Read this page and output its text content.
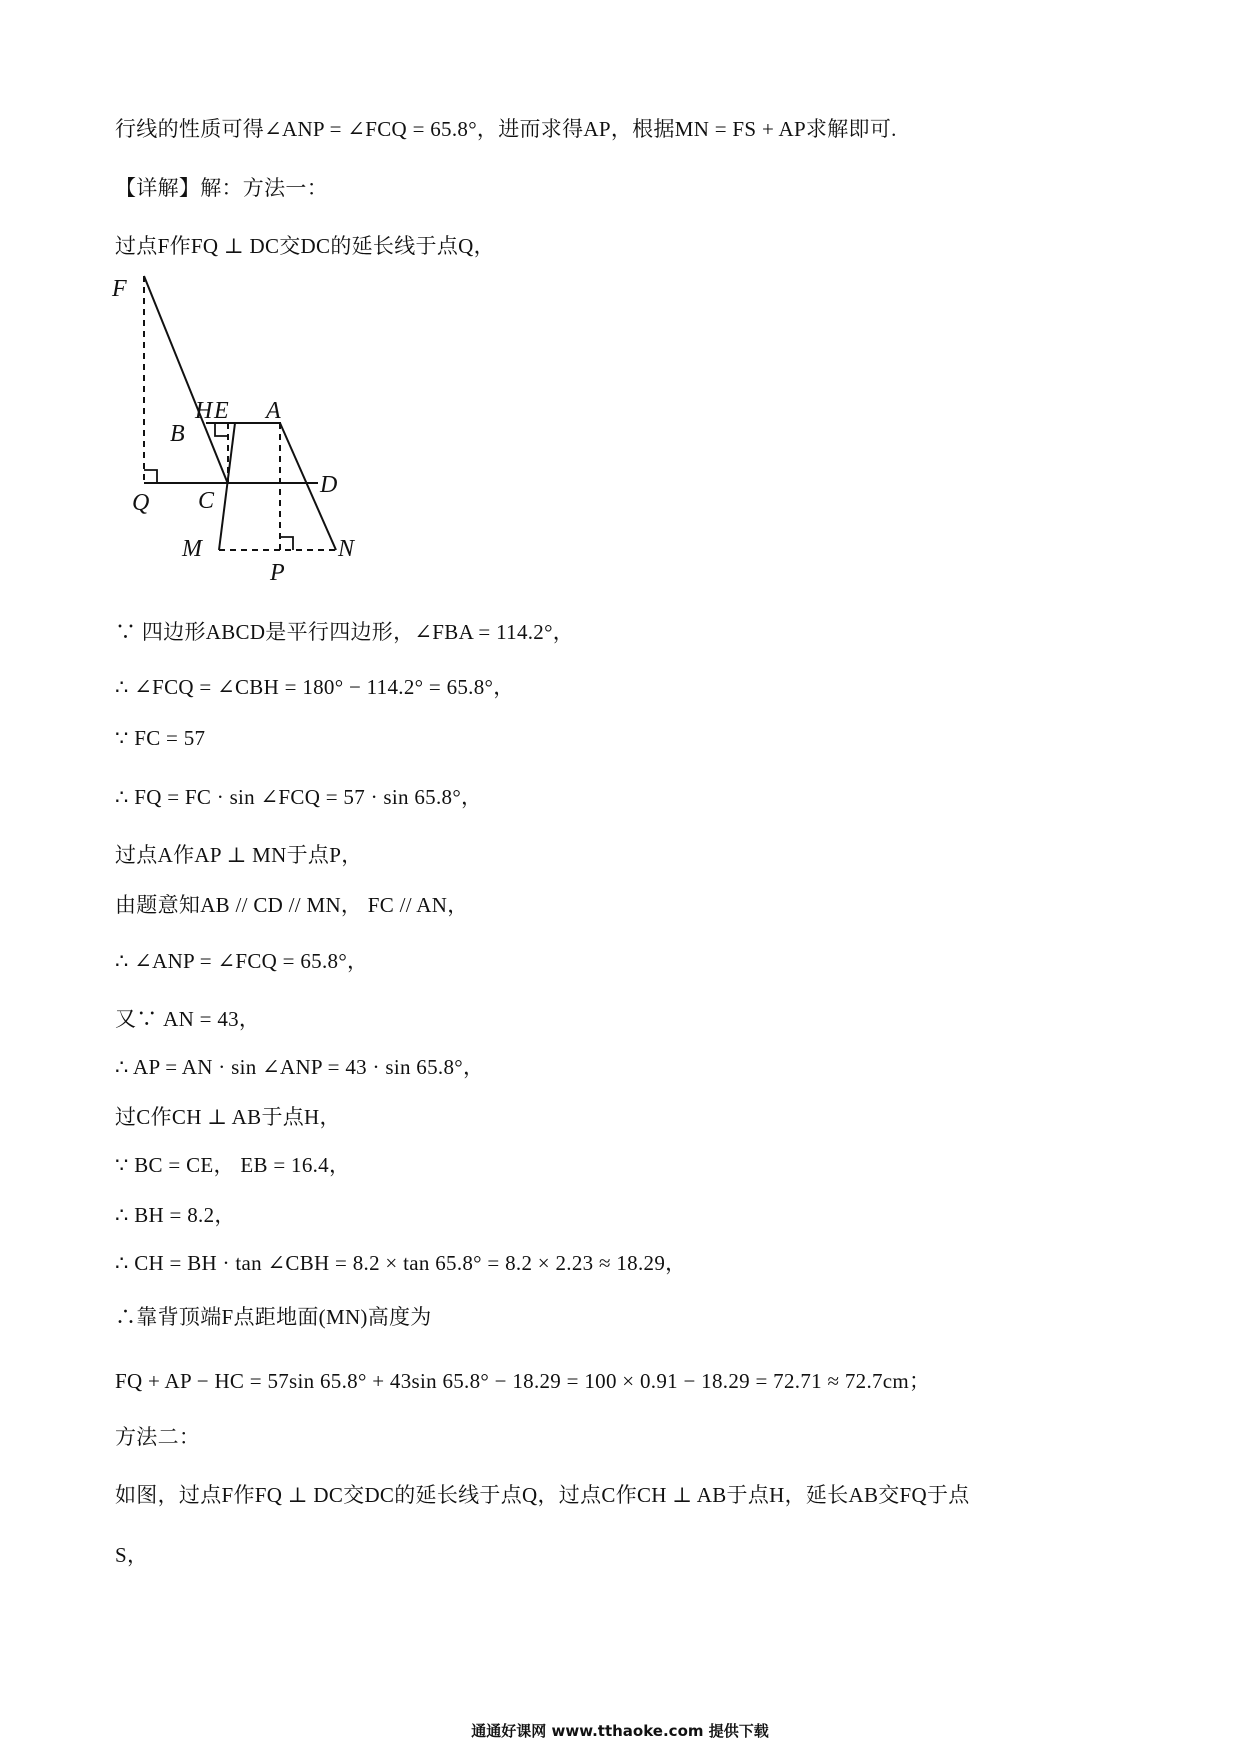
行线的性质可得∠ANP = ∠FCQ = 65.8°，进而求得AP，根据MN = FS + AP求解即可.
【详解】解：方法一：
过点F作FQ ⊥ DC交DC的延长线于点Q，
∵ 四边形ABCD是平行四边形，∠FBA = 114.2°，
∴ ∠FCQ = ∠CBH = 180° − 114.2° = 65.8°，
∵ FC = 57
∴ FQ = FC · sin ∠FCQ = 57 · sin 65.8°，
过点A作AP ⊥ MN于点P，
由题意知AB // CD // MN， FC // AN，
∴ ∠ANP = ∠FCQ = 65.8°，
又∵ AN = 43，
∴ AP = AN · sin ∠ANP = 43 · sin 65.8°，
过C作CH ⊥ AB于点H，
∵ BC = CE， EB = 16.4，
∴ BH = 8.2，
∴ CH = BH · tan ∠CBH = 8.2 × tan 65.8° = 8.2 × 2.23 ≈ 18.29，
∴靠背顶端F点距地面(MN)高度为
FQ + AP − HC = 57sin 65.8° + 43sin 65.8° − 18.29 = 100 × 0.91 − 18.29 = 72.71 ≈ 72.7cm；
方法二：
如图，过点F作FQ ⊥ DC交DC的延长线于点Q，过点C作CH ⊥ AB于点H，延长AB交FQ于点
S，
F
H E A
B
Q C
D
M	N
P
通通好课网 www.tthaoke.com 提供下载
